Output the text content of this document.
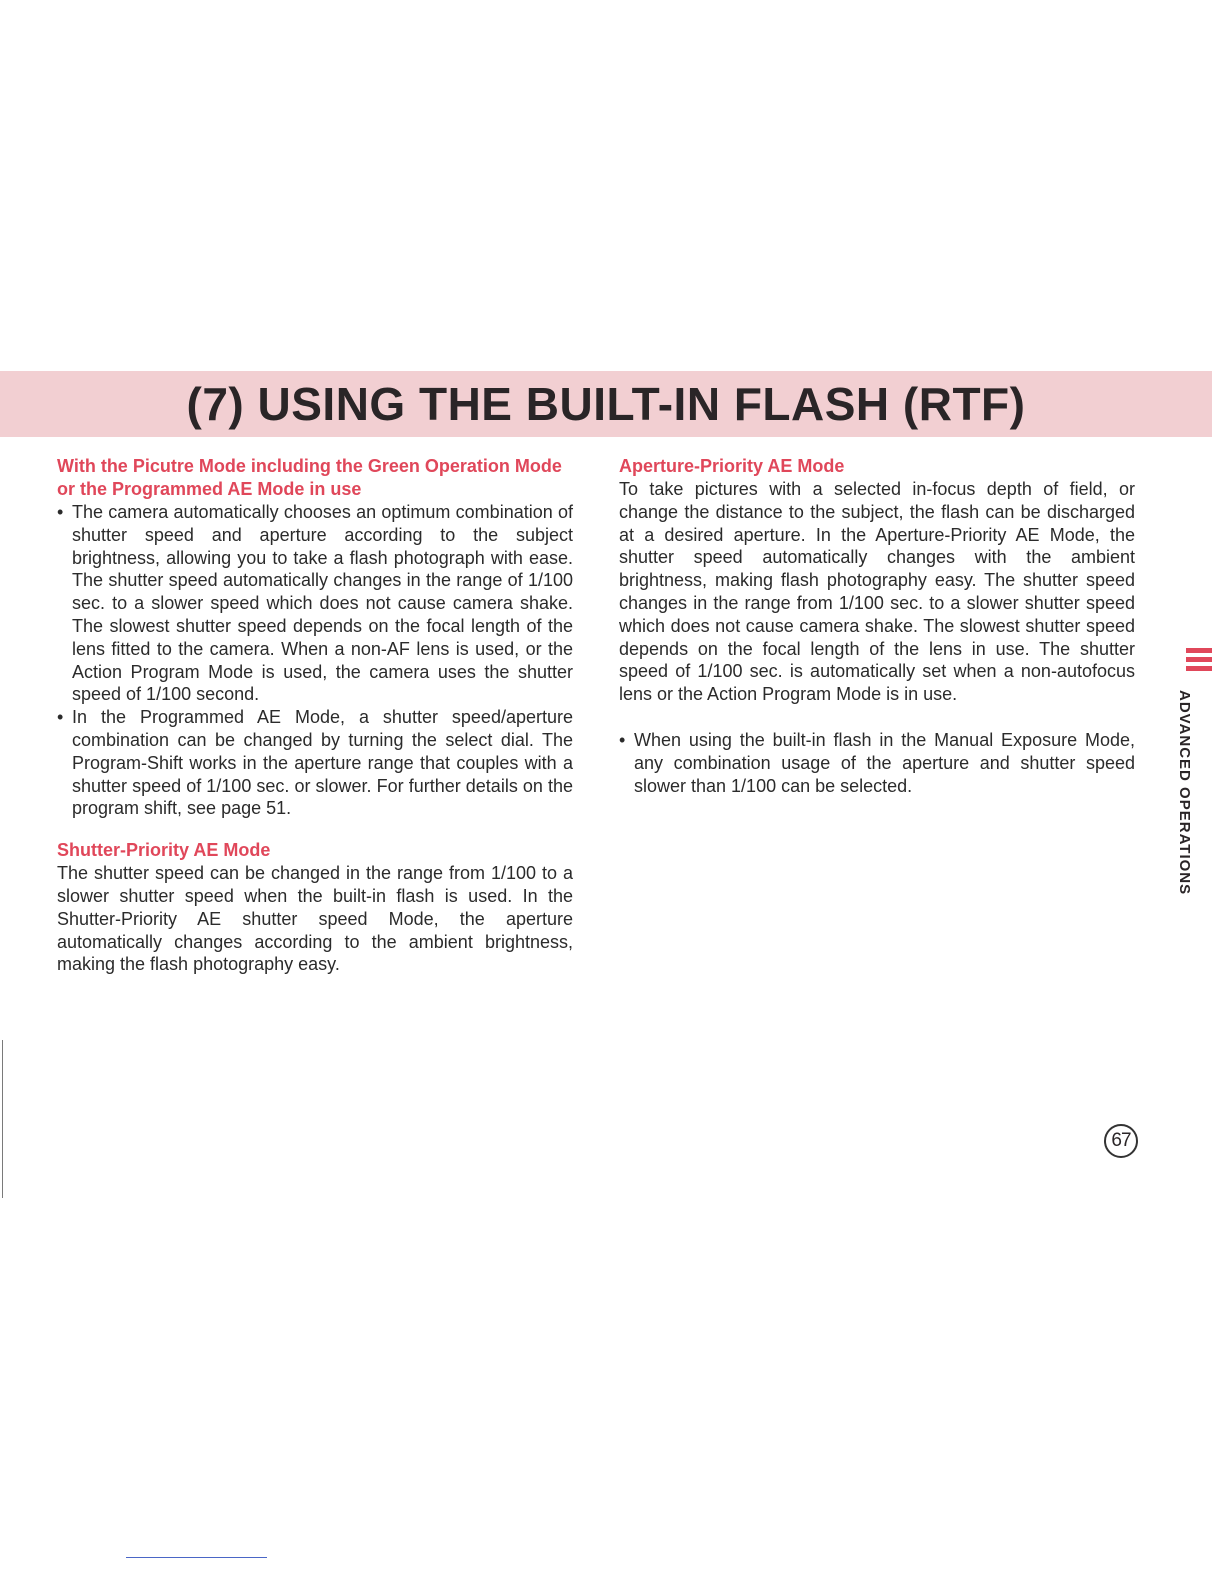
(7) USING THE BUILT-IN FLASH (RTF)
With the Picutre Mode including the Green Operation Mode or the Programmed AE Mode in use
• The camera automatically chooses an optimum combination of shutter speed and aperture according to the subject brightness, allowing you to take a flash photograph with ease. The shutter speed automatically changes in the range of 1/100 sec. to a slower speed which does not cause camera shake. The slowest shutter speed depends on the focal length of the lens fitted to the camera. When a non-AF lens is used, or the Action Program Mode is used, the camera uses the shutter speed of 1/100 second.
• In the Programmed AE Mode, a shutter speed/aperture combination can be changed by turning the select dial. The Program-Shift works in the aperture range that couples with a shutter speed of 1/100 sec. or slower. For further details on the program shift, see page 51.
Shutter-Priority AE Mode

The shutter speed can be changed in the range from 1/100 to a slower shutter speed when the built-in flash is used. In the Shutter-Priority AE shutter speed Mode, the aperture automatically changes according to the ambient brightness, making the flash photography easy.

Aperture-Priority AE Mode

To take pictures with a selected in-focus depth of field, or change the distance to the subject, the flash can be discharged at a desired aperture. In the Aperture-Priority AE Mode, the shutter speed automatically changes with the ambient brightness, making flash photography easy. The shutter speed changes in the range from 1/100 sec. to a slower shutter speed which does not cause camera shake. The slowest shutter speed depends on the focal length of the lens in use. The shutter speed of 1/100 sec. is automatically set when a non-autofocus lens or the Action Program Mode is in use.

• When using the built-in flash in the Manual Exposure Mode, any combination usage of the aperture and shutter speed slower than 1/100 can be selected.	ADVANCED OPERATIONS
67
